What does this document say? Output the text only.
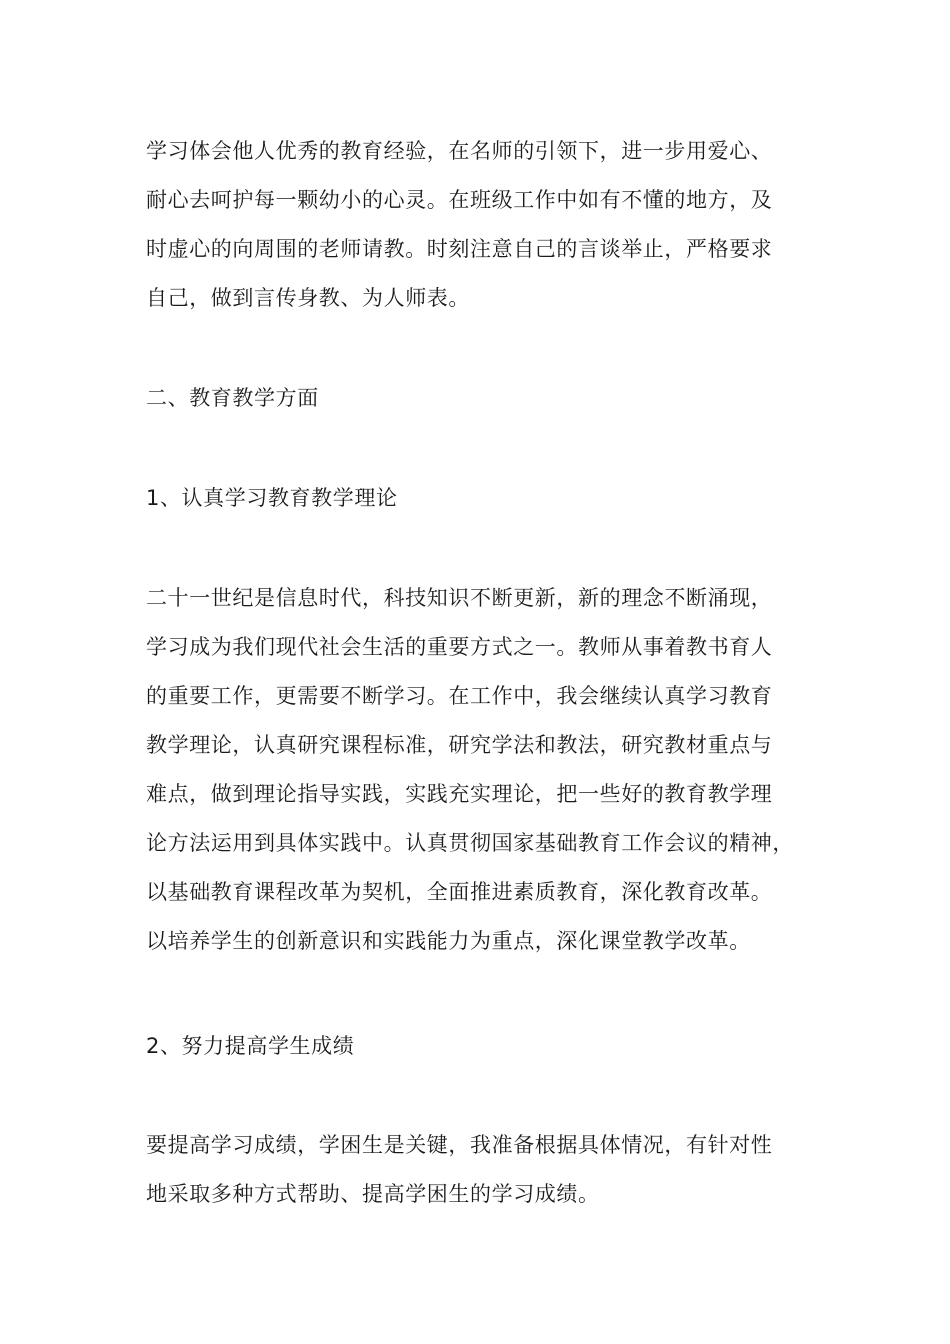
学习体会他人优秀的教育经验，在名师的引领下，进一步用爱心、
耐心去呵护每一颗幼小的心灵。在班级工作中如有不懂的地方，及
时虚心的向周围的老师请教。时刻注意自己的言谈举止，严格要求
自己，做到言传身教、为人师表。
二、教育教学方面
1、认真学习教育教学理论
二十一世纪是信息时代，科技知识不断更新，新的理念不断涌现，
学习成为我们现代社会生活的重要方式之一。教师从事着教书育人
的重要工作，更需要不断学习。在工作中，我会继续认真学习教育
教学理论，认真研究课程标准，研究学法和教法，研究教材重点与
难点，做到理论指导实践，实践充实理论，把一些好的教育教学理
论方法运用到具体实践中。认真贯彻国家基础教育工作会议的精神，
以基础教育课程改革为契机，全面推进素质教育，深化教育改革。
以培养学生的创新意识和实践能力为重点，深化课堂教学改革。
2、努力提高学生成绩
要提高学习成绩，学困生是关键，我准备根据具体情况，有针对性
地采取多种方式帮助、提高学困生的学习成绩。
